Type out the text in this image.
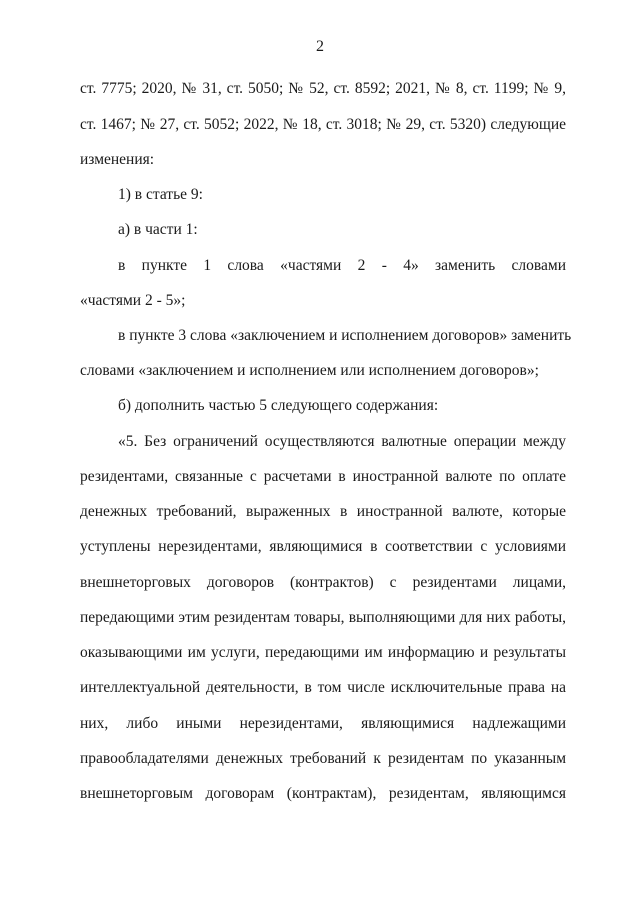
2
ст. 7775; 2020, № 31, ст. 5050; № 52, ст. 8592; 2021, № 8, ст. 1199; № 9,
ст. 1467; № 27, ст. 5052; 2022, № 18, ст. 3018; № 29, ст. 5320) следующие
изменения:
1) в статье 9:
а) в части 1:
в пункте 1 слова «частями 2 - 4» заменить словами
«частями 2 - 5»;
в пункте 3 слова «заключением и исполнением договоров» заменить
словами «заключением и исполнением или исполнением договоров»;
б) дополнить частью 5 следующего содержания:
«5. Без ограничений осуществляются валютные операции между
резидентами, связанные с расчетами в иностранной валюте по оплате
денежных требований, выраженных в иностранной валюте, которые
уступлены нерезидентами, являющимися в соответствии с условиями
внешнеторговых договоров (контрактов) с резидентами лицами,
передающими этим резидентам товары, выполняющими для них работы,
оказывающими им услуги, передающими им информацию и результаты
интеллектуальной деятельности, в том числе исключительные права на
них, либо иными нерезидентами, являющимися надлежащими
правообладателями денежных требований к резидентам по указанным
внешнеторговым договорам (контрактам), резидентам, являющимся
